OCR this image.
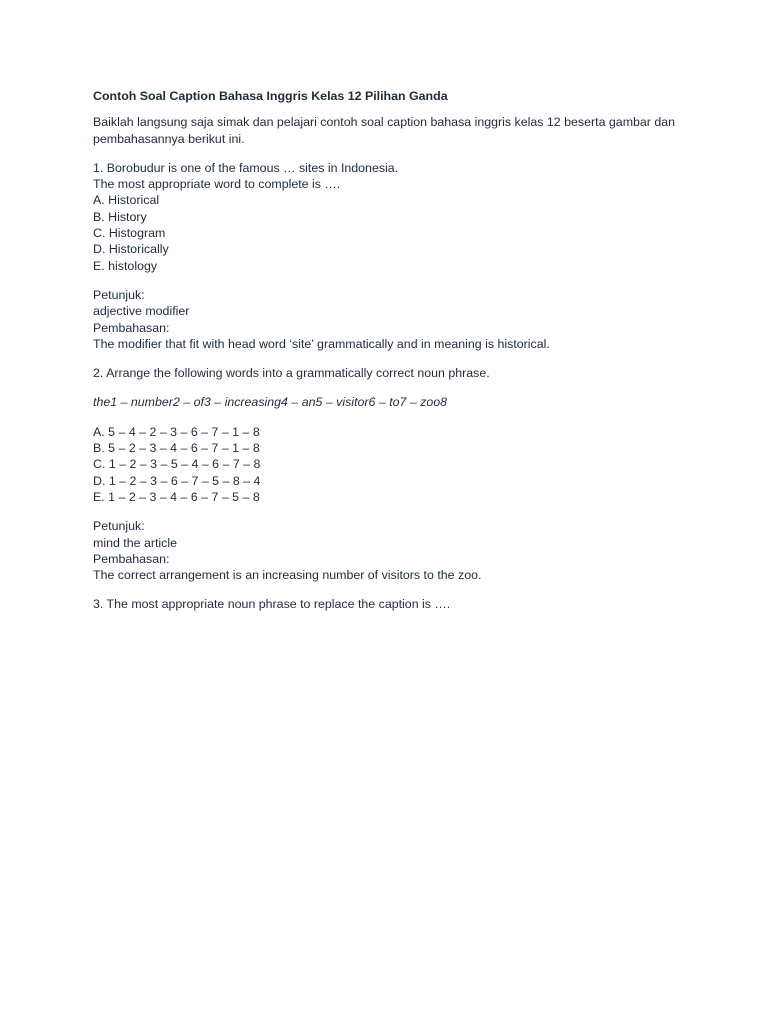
Contoh Soal Caption Bahasa Inggris Kelas 12 Pilihan Ganda
Baiklah langsung saja simak dan pelajari contoh soal caption bahasa inggris kelas 12 beserta gambar dan pembahasannya berikut ini.
1. Borobudur is one of the famous … sites in Indonesia.
The most appropriate word to complete is ….
A. Historical
B. History
C. Histogram
D. Historically
E. histology
Petunjuk:
adjective modifier
Pembahasan:
The modifier that fit with head word ‘site’ grammatically and in meaning is historical.
2. Arrange the following words into a grammatically correct noun phrase.
the1 – number2 – of3 – increasing4 – an5 – visitor6 – to7 – zoo8
A. 5 – 4 – 2 – 3 – 6 – 7 – 1 – 8
B. 5 – 2 – 3 – 4 – 6 – 7 – 1 – 8
C. 1 – 2 – 3 – 5 – 4 – 6 – 7 – 8
D. 1 – 2 – 3 – 6 – 7 – 5 – 8 – 4
E. 1 – 2 – 3 – 4 – 6 – 7 – 5 – 8
Petunjuk:
mind the article
Pembahasan:
The correct arrangement is an increasing number of visitors to the zoo.
3. The most appropriate noun phrase to replace the caption is ….
